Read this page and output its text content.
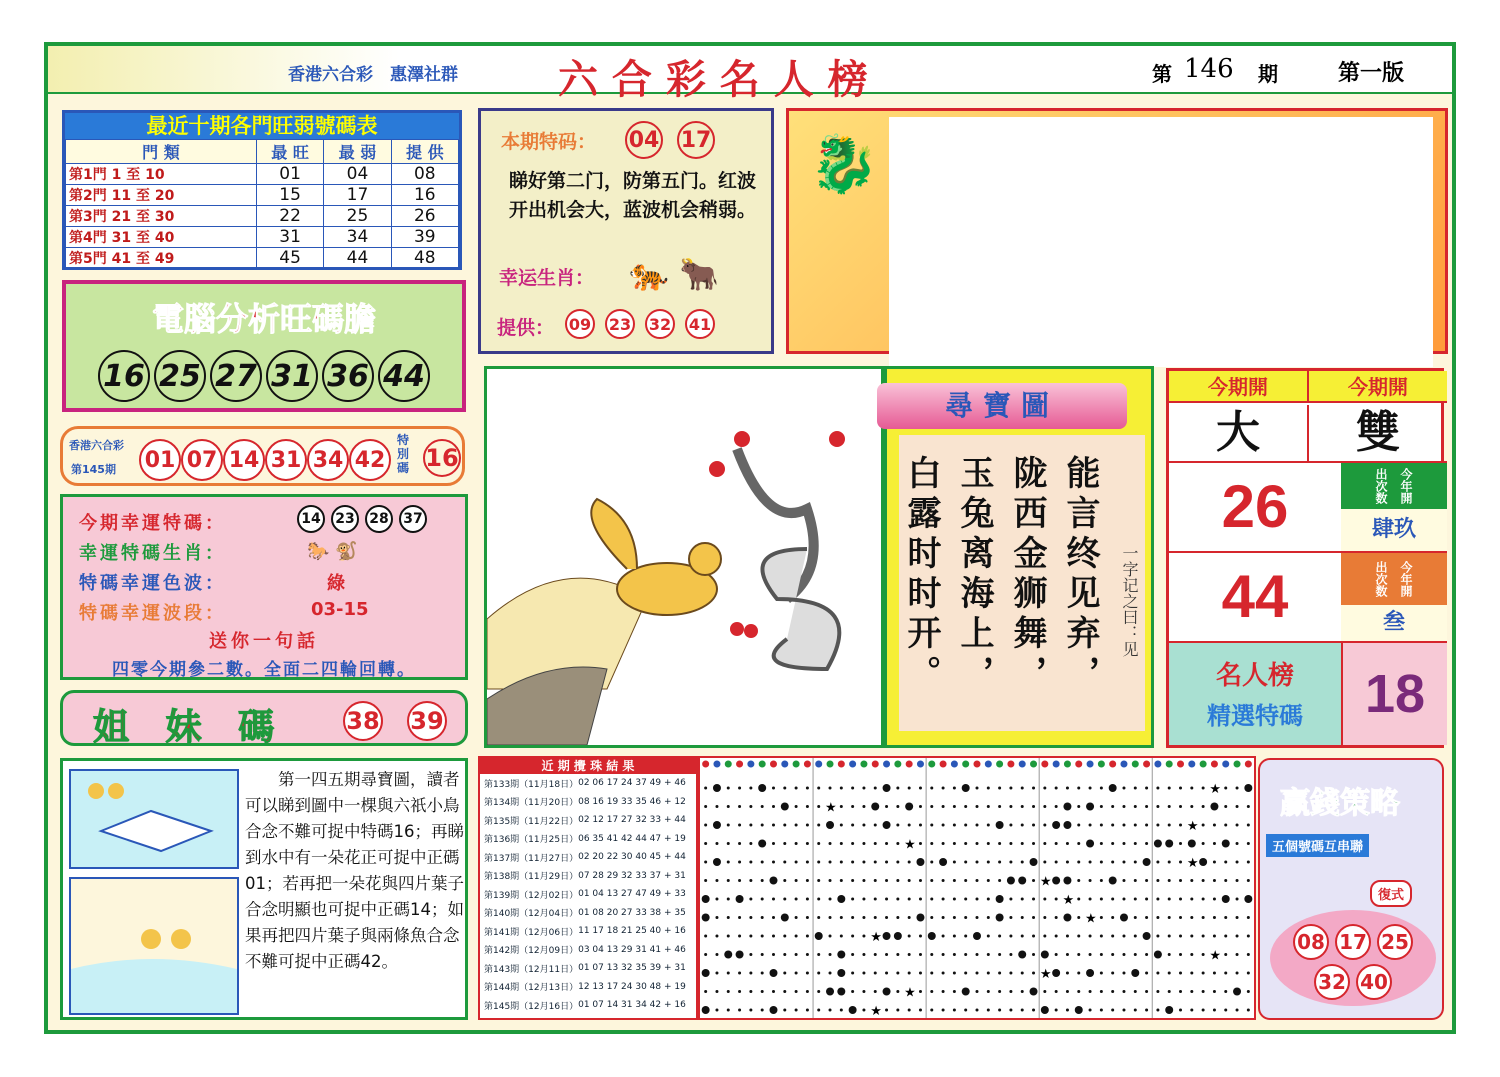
香港六合彩 惠澤社群	六 合 彩 名 人 榜	第 146 期	第一版
最近十期各門旺弱號碼表
門 類	最 旺	最 弱	提 供
第1門 1 至 10	01	04	08
第2門 11 至 20	15	17	16
第3門 21 至 30	22	25	26
第4門 31 至 40	31	34	39
第5門 41 至 49	45	44	48
電腦分析旺碼膽
16 25 27 31 36 44
香港六合彩
第145期 01 07 14 31 34 42
特別碼 16
今期幸運特碼：	14	23	28	37
幸運特碼生肖：	🐎 🐒
特碼幸運色波：	綠
特碼幸運波段：	03-15
送你一句話
四零今期參二數。全面二四輪回轉。
姐 妹 碼	38 39
本期特码： 04 17
睇好第二门，防第五门。红波开出机会大，蓝波机会稍弱。
幸运生肖： 🐅 🐂
提供： 09 23 32 41
🐉
尋寶圖
能言终见弃，
陇西金狮舞，
玉兔离海上，
白露时时开。	一字记之曰：见
今期開	今期開
大	雙
26	出次数 今年開
肆玖
44	出次数 今年開
叁
名人榜
精選特碼	18
第一四五期尋寶圖，讀者可以睇到圖中一棵與六祇小鳥合念不難可捉中特碼16；再睇到水中有一朵花正可捉中正碼01；若再把一朵花與四片葉子合念明顯也可捉中正碼14；如果再把四片葉子與兩條魚合念不難可捉中正碼42。
近 期 攪 珠 結 果
第133期（11月18日）	02 06 17 24 37 49 + 46
第134期（11月20日）	08 16 19 33 35 46 + 12
第135期（11月22日）	02 12 17 27 32 33 + 44
第136期（11月25日）	06 35 41 42 44 47 + 19
第137期（11月27日）	02 20 22 30 40 45 + 44
第138期（11月29日）	07 28 29 32 33 37 + 31
第139期（12月02日）	01 04 13 27 47 49 + 33
第140期（12月04日）	01 08 20 27 33 38 + 35
第141期（12月06日）	11 17 18 21 25 40 + 16
第142期（12月09日）	03 04 13 29 31 41 + 46
第143期（12月11日）	01 07 13 32 35 39 + 31
第144期（12月13日）	12 13 17 24 30 48 + 19
第145期（12月16日）	01 07 14 31 34 42 + 16
★
★
★
★
★
★
★
★
★
★
★
★
★
贏錢策略
五個號碼互串聯
復式
08 17 25
32 40
